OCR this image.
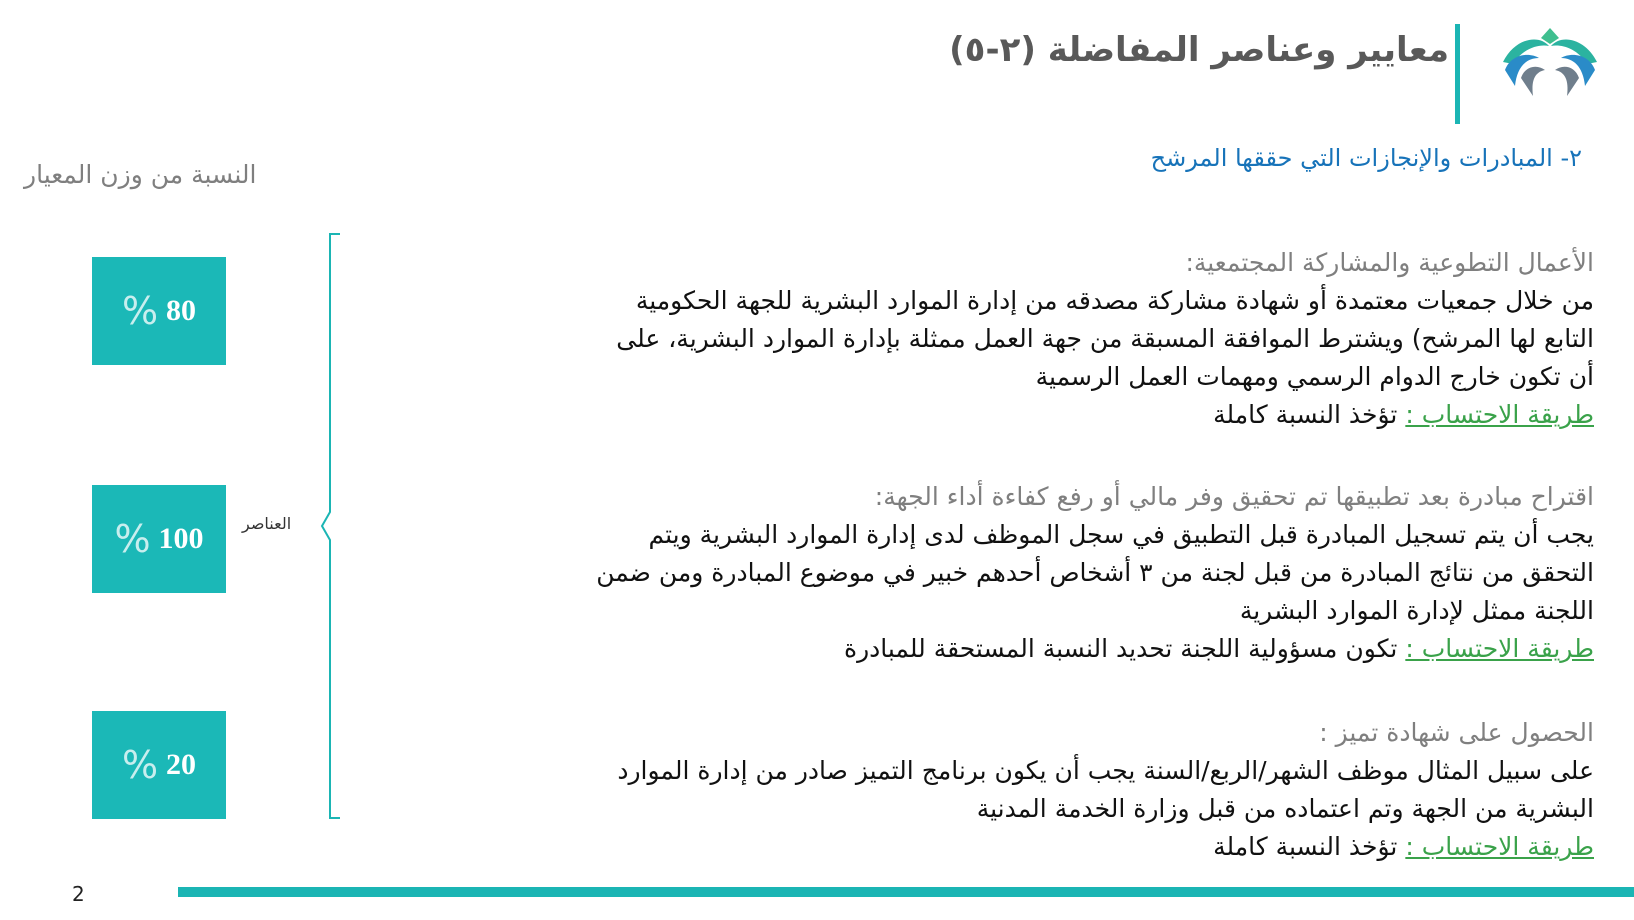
معايير وعناصر المفاضلة (٢-٥)
٢- المبادرات والإنجازات التي حققها المرشح
النسبة من وزن المعيار
% 80
% 100
% 20
العناصر
الأعمال التطوعية والمشاركة المجتمعية:
من خلال جمعيات معتمدة أو شهادة مشاركة مصدقه من إدارة الموارد البشرية للجهة الحكومية
التابع لها المرشح) ويشترط الموافقة المسبقة من جهة العمل ممثلة بإدارة الموارد البشرية، على
أن تكون خارج الدوام الرسمي ومهمات العمل الرسمية
طريقة الاحتساب : تؤخذ النسبة كاملة
اقتراح مبادرة بعد تطبيقها تم تحقيق وفر مالي أو رفع كفاءة أداء الجهة:
يجب أن يتم تسجيل المبادرة قبل التطبيق في سجل الموظف لدى إدارة الموارد البشرية ويتم
التحقق من نتائج المبادرة من قبل لجنة من ٣ أشخاص أحدهم خبير في موضوع المبادرة ومن ضمن
اللجنة ممثل لإدارة الموارد البشرية
طريقة الاحتساب : تكون مسؤولية اللجنة تحديد النسبة المستحقة للمبادرة
الحصول على شهادة تميز :
على سبيل المثال موظف الشهر/الربع/السنة يجب أن يكون برنامج التميز صادر من إدارة الموارد
البشرية من الجهة وتم اعتماده من قبل وزارة الخدمة المدنية
طريقة الاحتساب : تؤخذ النسبة كاملة
2
